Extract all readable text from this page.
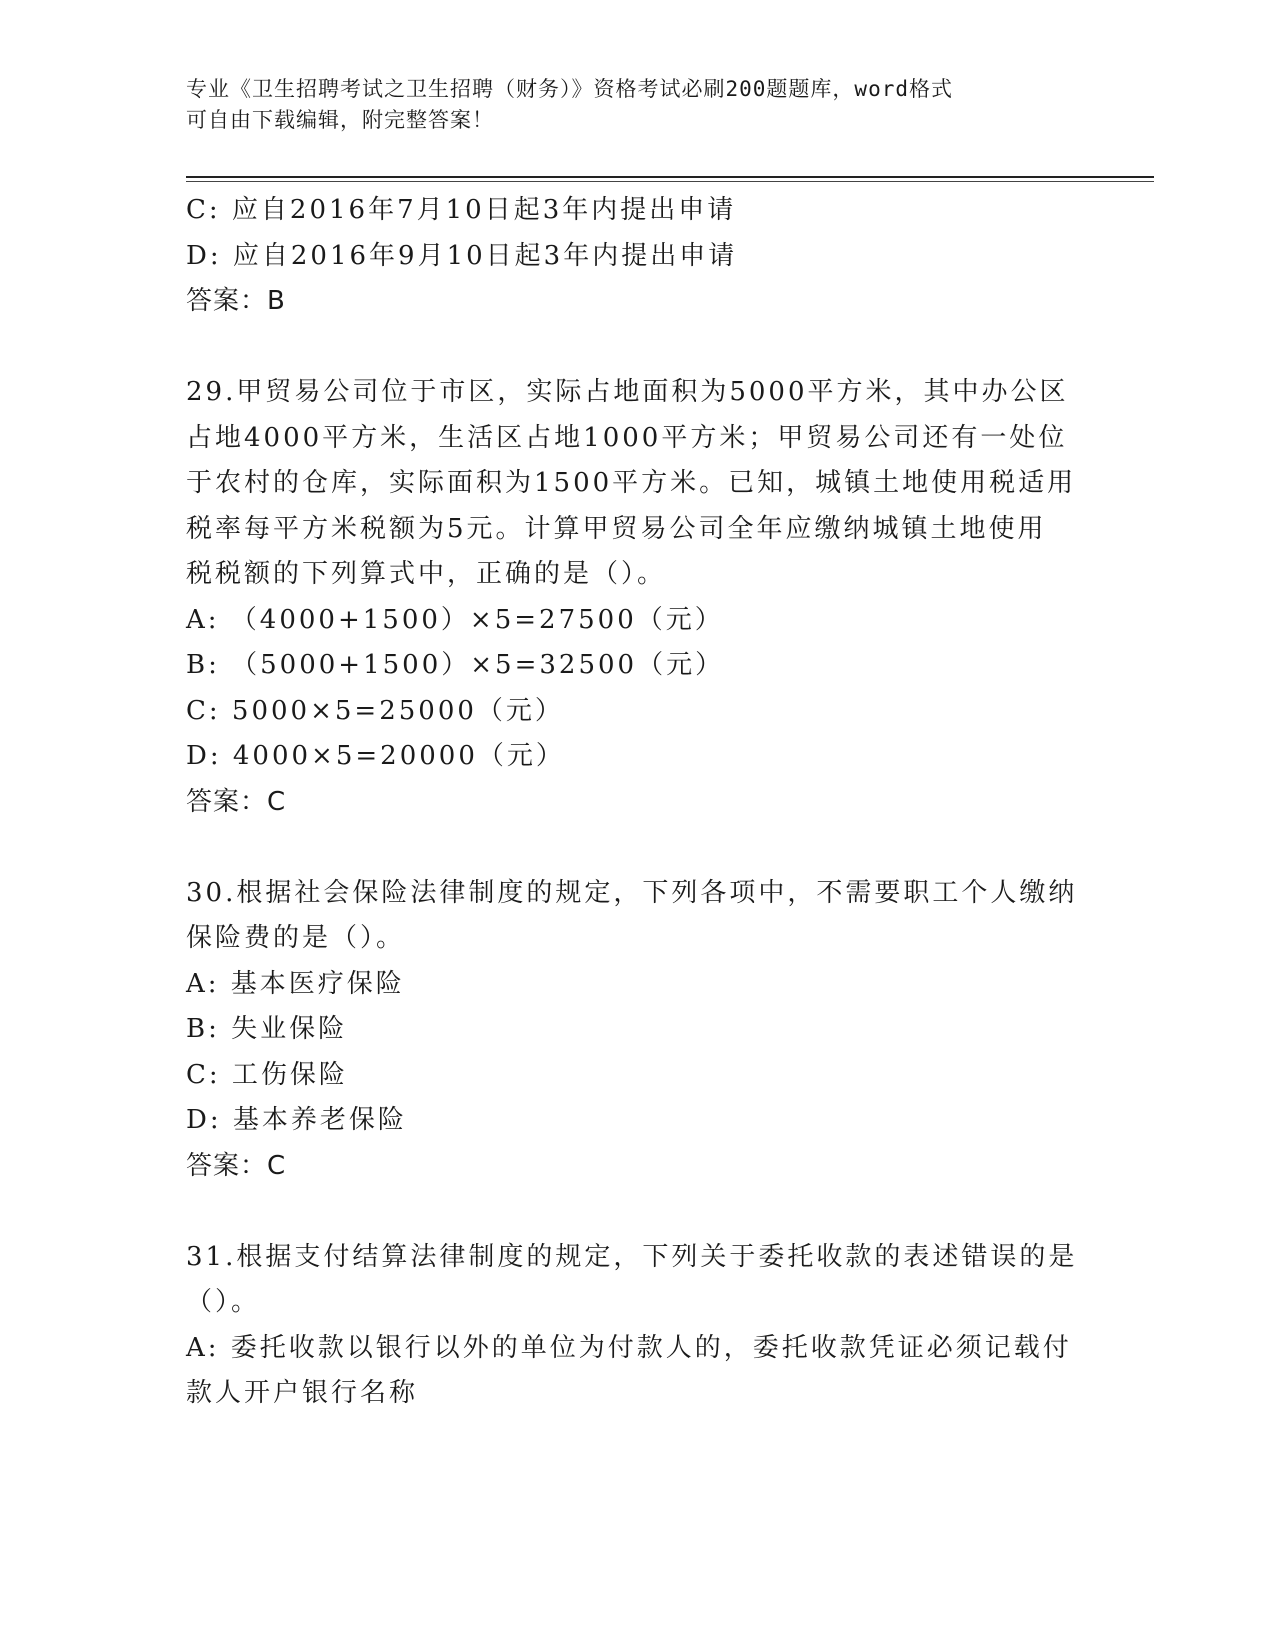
专业《卫生招聘考试之卫生招聘（财务）》资格考试必刷200题题库，word格式
可自由下载编辑，附完整答案！

C: 应自2016年7月10日起3年内提出申请

D: 应自2016年9月10日起3年内提出申请

答案：B

29.甲贸易公司位于市区，实际占地面积为5000平方米，其中办公区

占地4000平方米，生活区占地1000平方米；甲贸易公司还有一处位

于农村的仓库，实际面积为1500平方米。已知，城镇土地使用税适用

税率每平方米税额为5元。计算甲贸易公司全年应缴纳城镇土地使用

税税额的下列算式中，正确的是（）。

A: （4000+1500）×5=27500（元）

B: （5000+1500）×5=32500（元）

C: 5000×5=25000（元）

D: 4000×5=20000（元）

答案：C

30.根据社会保险法律制度的规定，下列各项中，不需要职工个人缴纳

保险费的是（）。

A: 基本医疗保险

B: 失业保险

C: 工伤保险

D: 基本养老保险

答案：C

31.根据支付结算法律制度的规定，下列关于委托收款的表述错误的是

（）。

A: 委托收款以银行以外的单位为付款人的，委托收款凭证必须记载付

款人开户银行名称
